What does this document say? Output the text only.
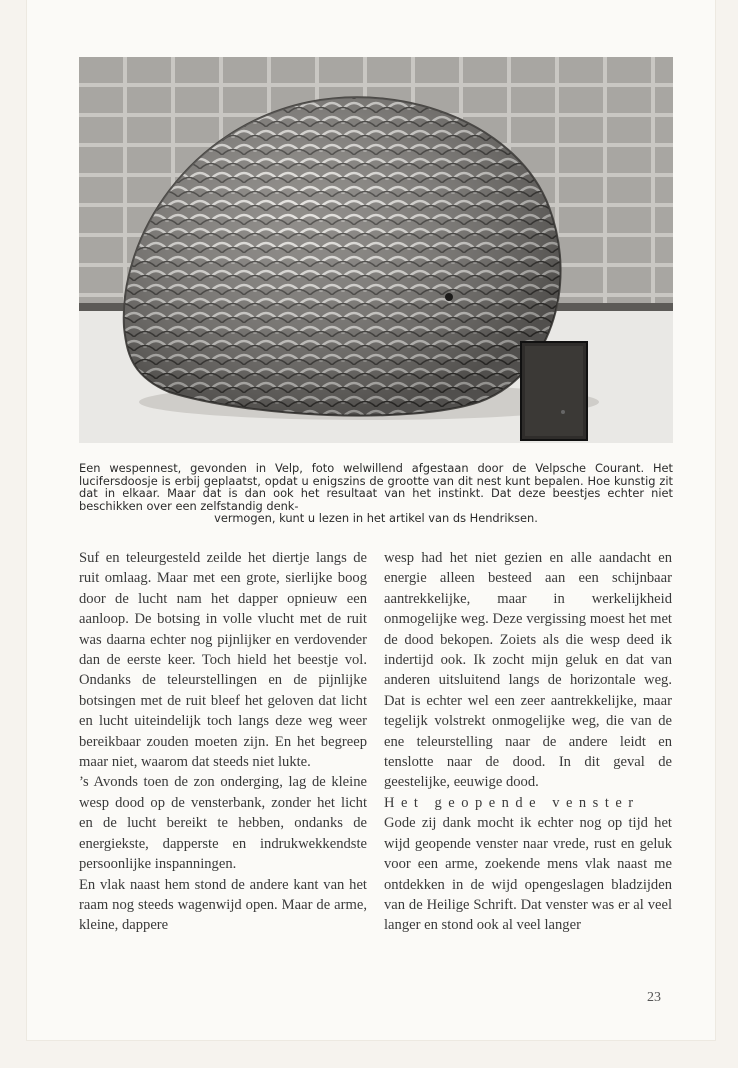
Een wespennest, gevonden in Velp, foto welwillend afgestaan door de Velpsche Courant. Het lucifersdoosje is erbij geplaatst, opdat u enigszins de grootte van dit nest kunt bepalen. Hoe kunstig zit dat in elkaar. Maar dat is dan ook het resultaat van het instinkt. Dat deze beestjes echter niet beschikken over een zelfstandig denk-
vermogen, kunt u lezen in het artikel van ds Hendriksen.

Suf en teleurgesteld zeilde het diertje langs de ruit omlaag. Maar met een grote, sierlijke boog door de lucht nam het dapper opnieuw een aanloop. De botsing in volle vlucht met de ruit was daarna echter nog pijnlijker en verdovender dan de eerste keer. Toch hield het beestje vol. Ondanks de teleurstellingen en de pijnlijke botsingen met de ruit bleef het geloven dat licht en lucht uiteindelijk toch langs deze weg weer bereikbaar zouden moeten zijn. En het begreep maar niet, waarom dat steeds niet lukte.

’s Avonds toen de zon onderging, lag de kleine wesp dood op de vensterbank, zonder het licht en de lucht bereikt te hebben, ondanks de energiekste, dapperste en indrukwekkendste persoonlijke inspanningen.

En vlak naast hem stond de andere kant van het raam nog steeds wagenwijd open. Maar de arme, kleine, dappere

wesp had het niet gezien en alle aandacht en energie alleen besteed aan een schijnbaar aantrekkelijke, maar in werkelijkheid onmogelijke weg. Deze vergissing moest het met de dood bekopen. Zoiets als die wesp deed ik indertijd ook. Ik zocht mijn geluk en dat van anderen uitsluitend langs de horizontale weg. Dat is echter wel een zeer aantrekkelijke, maar tegelijk volstrekt onmogelijke weg, die van de ene teleurstelling naar de andere leidt en tenslotte naar de dood. In dit geval de geestelijke, eeuwige dood.

Het geopende venster

Gode zij dank mocht ik echter nog op tijd het wijd geopende venster naar vrede, rust en geluk voor een arme, zoekende mens vlak naast me ontdekken in de wijd opengeslagen bladzijden van de Heilige Schrift. Dat venster was er al veel langer en stond ook al veel langer

23
